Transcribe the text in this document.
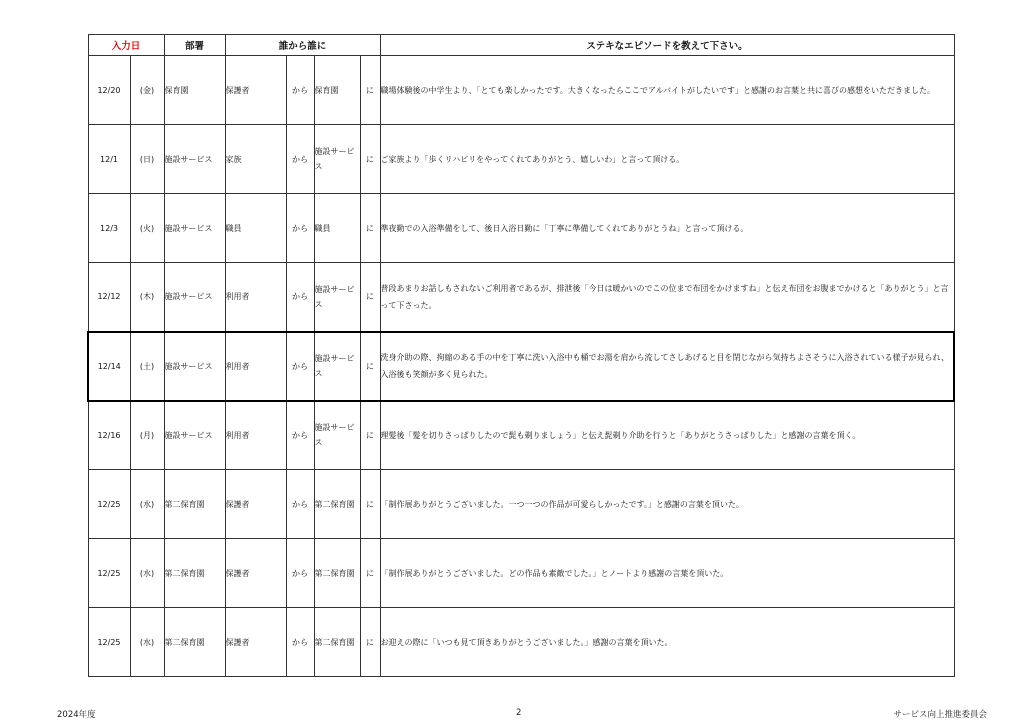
入力日		部署	誰から誰に				ステキなエピソードを教えて下さい。
12/20	(金)	保育園	保護者	から	保育園	に	職場体験後の中学生より、「とても楽しかったです。大きくなったらここでアルバイトがしたいです」と感謝のお言葉と共に喜びの感想をいただきました。
12/1	(日)	施設サービス	家族	から	施設サービス	に	ご家族より「歩くリハビリをやってくれてありがとう、嬉しいわ」と言って頂ける。
12/3	(火)	施設サービス	職員	から	職員	に	準夜勤での入浴準備をして、後日入浴日勤に「丁寧に準備してくれてありがとうね」と言って頂ける。
12/12	(木)	施設サービス	利用者	から	施設サービス	に	普段あまりお話しもされないご利用者であるが、排泄後「今日は暖かいのでこの位まで布団をかけますね」と伝え布団をお腹までかけると「ありがとう」と言って下さった。
12/14	(土)	施設サービス	利用者	から	施設サービス	に	洗身介助の際、拘縮のある手の中を丁寧に洗い入浴中も桶でお湯を肩から流してさしあげると目を閉じながら気持ちよさそうに入浴されている様子が見られ、入浴後も笑顔が多く見られた。
12/16	(月)	施設サービス	利用者	から	施設サービス	に	理髪後「髪を切りさっぱりしたので髭も剃りましょう」と伝え髭剃り介助を行うと「ありがとうさっぱりした」と感謝の言葉を頂く。
12/25	(水)	第二保育園	保護者	から	第二保育園	に	「制作展ありがとうございました。一つ一つの作品が可愛らしかったです。」と感謝の言葉を頂いた。
12/25	(水)	第二保育園	保護者	から	第二保育園	に	「制作展ありがとうございました。どの作品も素敵でした。」とノートより感謝の言葉を頂いた。
12/25	(水)	第二保育園	保護者	から	第二保育園	に	お迎えの際に「いつも見て頂きありがとうございました。」感謝の言葉を頂いた。
2024年度	2	サービス向上推進委員会
